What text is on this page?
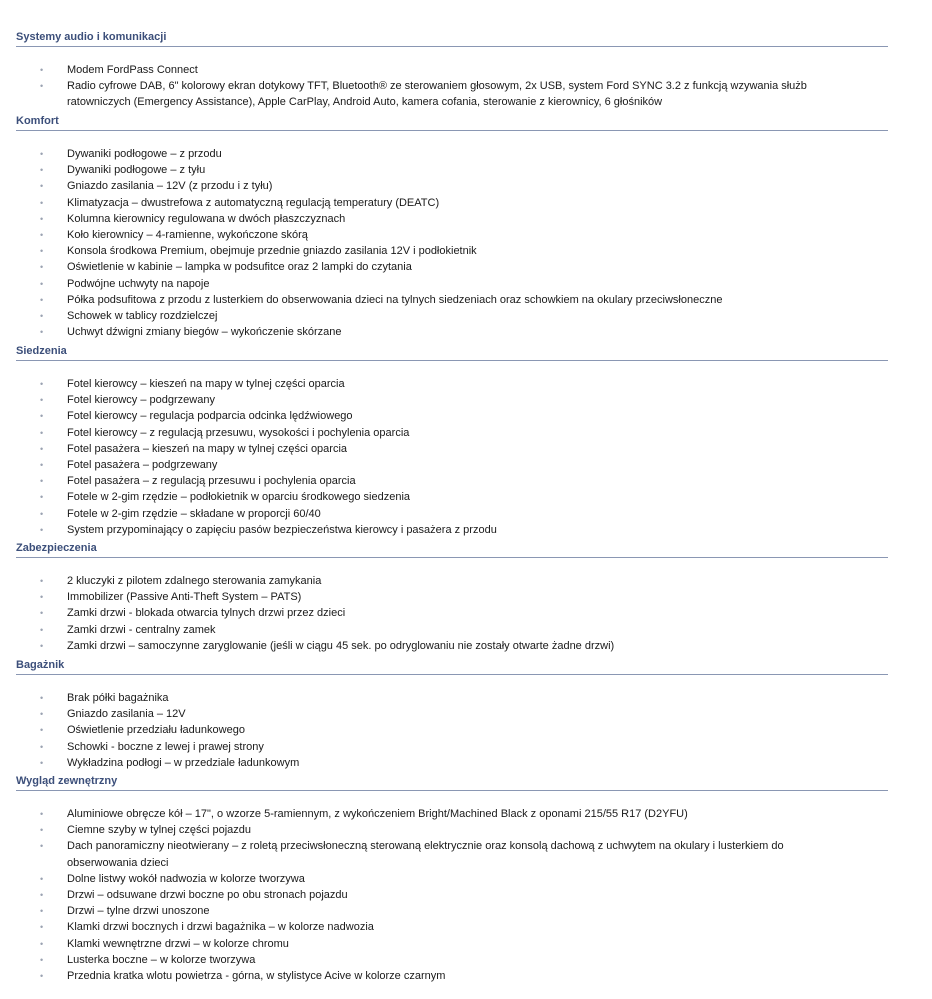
Systemy audio i komunikacji
• Modem FordPass Connect
• Radio cyfrowe DAB, 6" kolorowy ekran dotykowy TFT, Bluetooth® ze sterowaniem głosowym, 2x USB, system Ford SYNC 3.2 z funkcją wzywania służb ratowniczych (Emergency Assistance), Apple CarPlay, Android Auto, kamera cofania, sterowanie z kierownicy, 6 głośników
Komfort
• Dywaniki podłogowe – z przodu
• Dywaniki podłogowe – z tyłu
• Gniazdo zasilania – 12V (z przodu i z tyłu)
• Klimatyzacja – dwustrefowa z automatyczną regulacją temperatury (DEATC)
• Kolumna kierownicy regulowana w dwóch płaszczyznach
• Koło kierownicy – 4-ramienne, wykończone skórą
• Konsola środkowa Premium, obejmuje przednie gniazdo zasilania 12V i podłokietnik
• Oświetlenie w kabinie – lampka w podsufitce oraz 2 lampki do czytania
• Podwójne uchwyty na napoje
• Półka podsufitowa z przodu z lusterkiem do obserwowania dzieci na tylnych siedzeniach oraz schowkiem na okulary przeciwsłoneczne
• Schowek w tablicy rozdzielczej
• Uchwyt dźwigni zmiany biegów – wykończenie skórzane
Siedzenia
• Fotel kierowcy – kieszeń na mapy w tylnej części oparcia
• Fotel kierowcy – podgrzewany
• Fotel kierowcy – regulacja podparcia odcinka lędźwiowego
• Fotel kierowcy – z regulacją przesuwu, wysokości i pochylenia oparcia
• Fotel pasażera – kieszeń na mapy w tylnej części oparcia
• Fotel pasażera – podgrzewany
• Fotel pasażera – z regulacją przesuwu i pochylenia oparcia
• Fotele w 2-gim rzędzie – podłokietnik w oparciu środkowego siedzenia
• Fotele w 2-gim rzędzie – składane w proporcji 60/40
• System przypominający o zapięciu pasów bezpieczeństwa kierowcy i pasażera z przodu
Zabezpieczenia
• 2 kluczyki z pilotem zdalnego sterowania zamykania
• Immobilizer (Passive Anti-Theft System – PATS)
• Zamki drzwi - blokada otwarcia tylnych drzwi przez dzieci
• Zamki drzwi - centralny zamek
• Zamki drzwi – samoczynne zaryglowanie (jeśli w ciągu 45 sek. po odryglowaniu nie zostały otwarte żadne drzwi)
Bagażnik
• Brak półki bagażnika
• Gniazdo zasilania – 12V
• Oświetlenie przedziału ładunkowego
• Schowki - boczne z lewej i prawej strony
• Wykładzina podłogi – w przedziale ładunkowym
Wygląd zewnętrzny
• Aluminiowe obręcze kół – 17", o wzorze 5-ramiennym, z wykończeniem Bright/Machined Black z oponami 215/55 R17 (D2YFU)
• Ciemne szyby w tylnej części pojazdu
• Dach panoramiczny nieotwierany – z roletą przeciwsłoneczną sterowaną elektrycznie oraz konsolą dachową z uchwytem na okulary i lusterkiem do obserwowania dzieci
• Dolne listwy wokół nadwozia w kolorze tworzywa
• Drzwi – odsuwane drzwi boczne po obu stronach pojazdu
• Drzwi – tylne drzwi unoszone
• Klamki drzwi bocznych i drzwi bagażnika – w kolorze nadwozia
• Klamki wewnętrzne drzwi – w kolorze chromu
• Lusterka boczne – w kolorze tworzywa
• Przednia kratka wlotu powietrza - górna, w stylistyce Acive w kolorze czarnym
